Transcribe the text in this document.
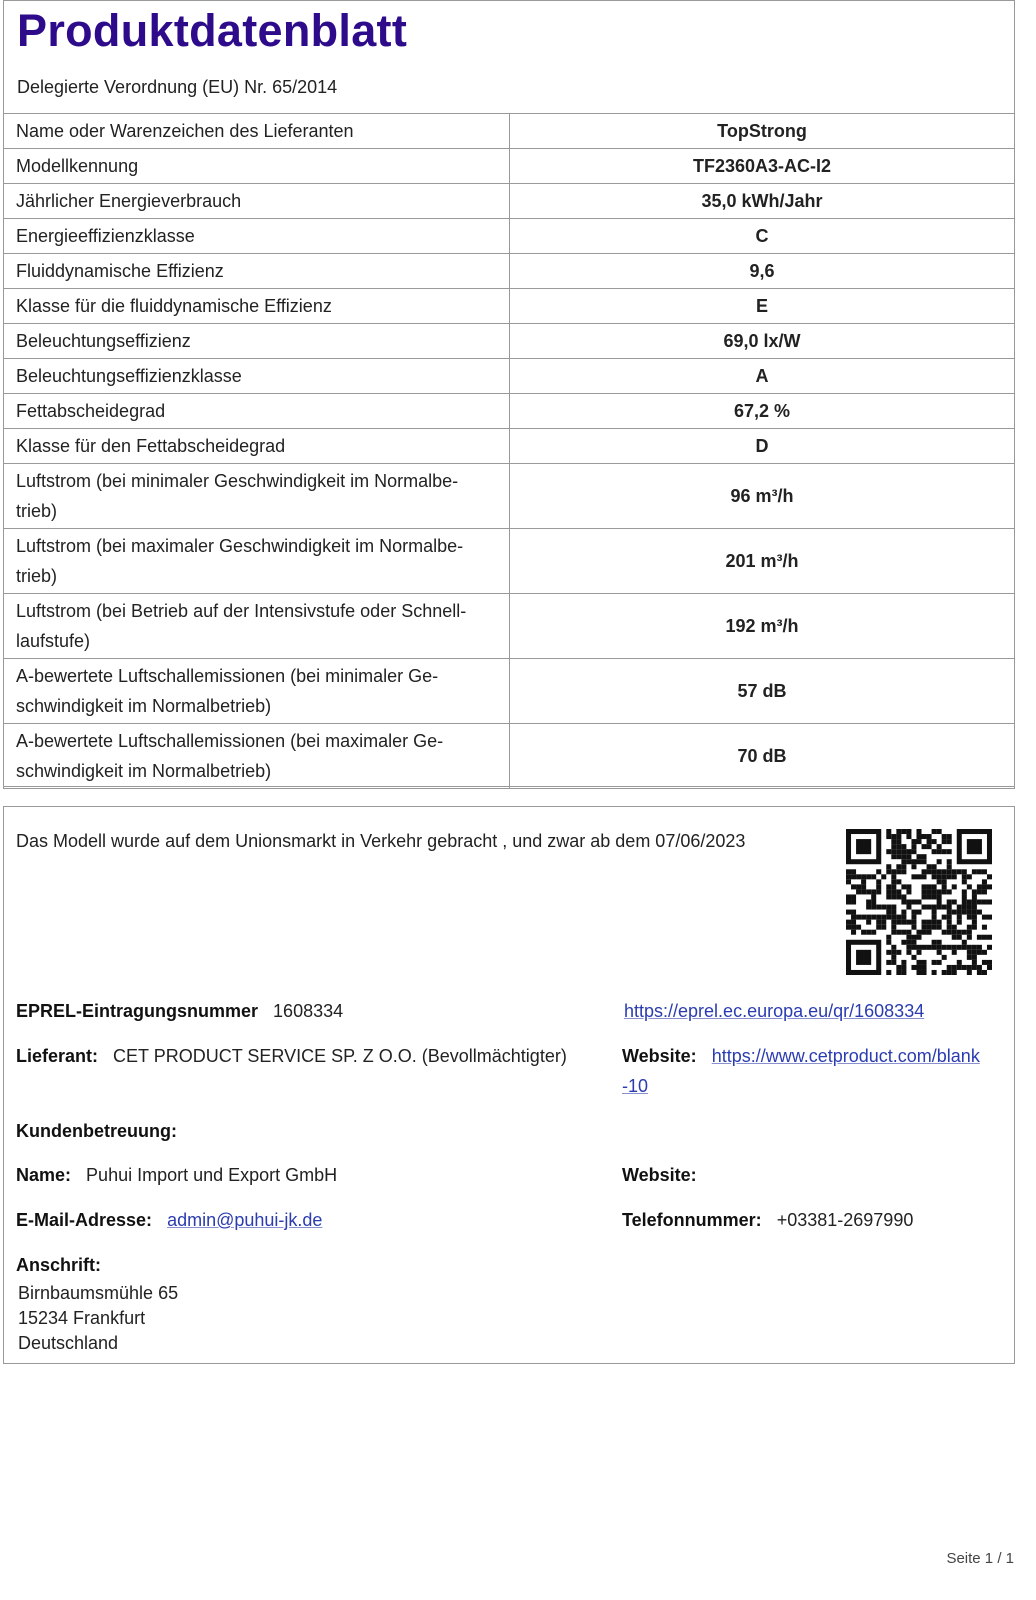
Produktdatenblatt
Delegierte Verordnung (EU) Nr. 65/2014
Name oder Warenzeichen des Lieferanten	TopStrong
Modellkennung	TF2360A3-AC-I2
Jährlicher Energieverbrauch	35,0 kWh/Jahr
Energieeffizienzklasse	C
Fluiddynamische Effizienz	9,6
Klasse für die fluiddynamische Effizienz	E
Beleuchtungseffizienz	69,0 lx/W
Beleuchtungseffizienzklasse	A
Fettabscheidegrad	67,2 %
Klasse für den Fettabscheidegrad	D
Luftstrom (bei minimaler Geschwindigkeit im Normalbe-trieb)	96 m³/h
Luftstrom (bei maximaler Geschwindigkeit im Normalbe-trieb)	201 m³/h
Luftstrom (bei Betrieb auf der Intensivstufe oder Schnell-laufstufe)	192 m³/h
A-bewertete Luftschallemissionen (bei minimaler Ge-schwindigkeit im Normalbetrieb)	57 dB
A-bewertete Luftschallemissionen (bei maximaler Ge-schwindigkeit im Normalbetrieb)	70 dB
Das Modell wurde auf dem Unionsmarkt in Verkehr gebracht , und zwar ab dem 07/06/2023
EPREL-Eintragungsnummer 1608334	https://eprel.ec.europa.eu/qr/1608334
Lieferant: CET PRODUCT SERVICE SP. Z O.O. (Bevollmächtigter)	Website: https://www.cetproduct.com/blank
-10
Kundenbetreuung:
Name: Puhui Import und Export GmbH	Website:
E-Mail-Adresse: admin@puhui-jk.de	Telefonnummer: +03381-2697990
Anschrift:
Birnbaumsmühle 65
15234 Frankfurt
Deutschland
Seite 1 / 1
